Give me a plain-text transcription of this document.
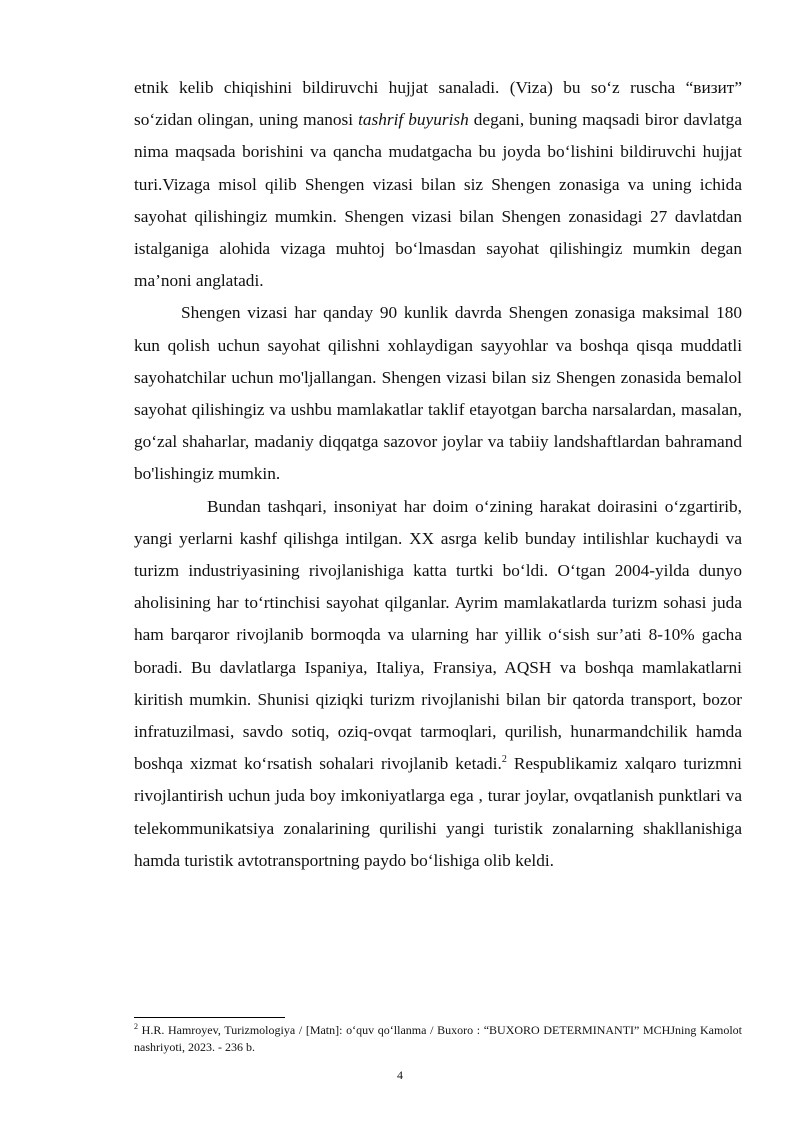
etnik kelib chiqishini bildiruvchi hujjat sanaladi. (Viza) bu so‘z ruscha “визит” so‘zidan olingan, uning manosi tashrif buyurish degani, buning maqsadi biror davlatga nima maqsada borishini va qancha mudatgacha bu joyda bo‘lishini bildiruvchi hujjat turi.Vizaga misol qilib Shengen vizasi bilan siz Shengen zonasiga va uning ichida sayohat qilishingiz mumkin. Shengen vizasi bilan Shengen zonasidagi 27 davlatdan istalganiga alohida vizaga muhtoj bo‘lmasdan sayohat qilishingiz mumkin degan ma’noni anglatadi.

Shengen vizasi har qanday 90 kunlik davrda Shengen zonasiga maksimal 180 kun qolish uchun sayohat qilishni xohlaydigan sayyohlar va boshqa qisqa muddatli sayohatchilar uchun mo'ljallangan. Shengen vizasi bilan siz Shengen zonasida bemalol sayohat qilishingiz va ushbu mamlakatlar taklif etayotgan barcha narsalardan, masalan, go‘zal shaharlar, madaniy diqqatga sazovor joylar va tabiiy landshaftlardan bahramand bo'lishingiz mumkin.

Bundan tashqari, insoniyat har doim o‘zining harakat doirasini o‘zgartirib, yangi yerlarni kashf qilishga intilgan. XX asrga kelib bunday intilishlar kuchaydi va turizm industriyasining rivojlanishiga katta turtki bo‘ldi. O‘tgan 2004-yilda dunyo aholisining har to‘rtinchisi sayohat qilganlar. Ayrim mamlakatlarda turizm sohasi juda ham barqaror rivojlanib bormoqda va ularning har yillik o‘sish sur’ati 8-10% gacha boradi. Bu davlatlarga Ispaniya, Italiya, Fransiya, AQSH va boshqa mamlakatlarni kiritish mumkin. Shunisi qiziqki turizm rivojlanishi bilan bir qatorda transport, bozor infratuzilmasi, savdo sotiq, oziq-ovqat tarmoqlari, qurilish, hunarmandchilik hamda boshqa xizmat ko‘rsatish sohalari rivojlanib ketadi.$^2$ Respublikamiz xalqaro turizmni rivojlantirish uchun juda boy imkoniyatlarga ega , turar joylar, ovqatlanish punktlari va telekommunikatsiya zonalarining qurilishi yangi turistik zonalarning shakllanishiga hamda turistik avtotransportning paydo bo‘lishiga olib keldi.

$^2$ H.R. Hamroyev, Turizmologiya / [Matn]: o‘quv qo‘llanma / Buxoro : “BUXORO DETERMINANTI” MCHJning Kamolot nashriyoti, 2023. - 236 b.

4
